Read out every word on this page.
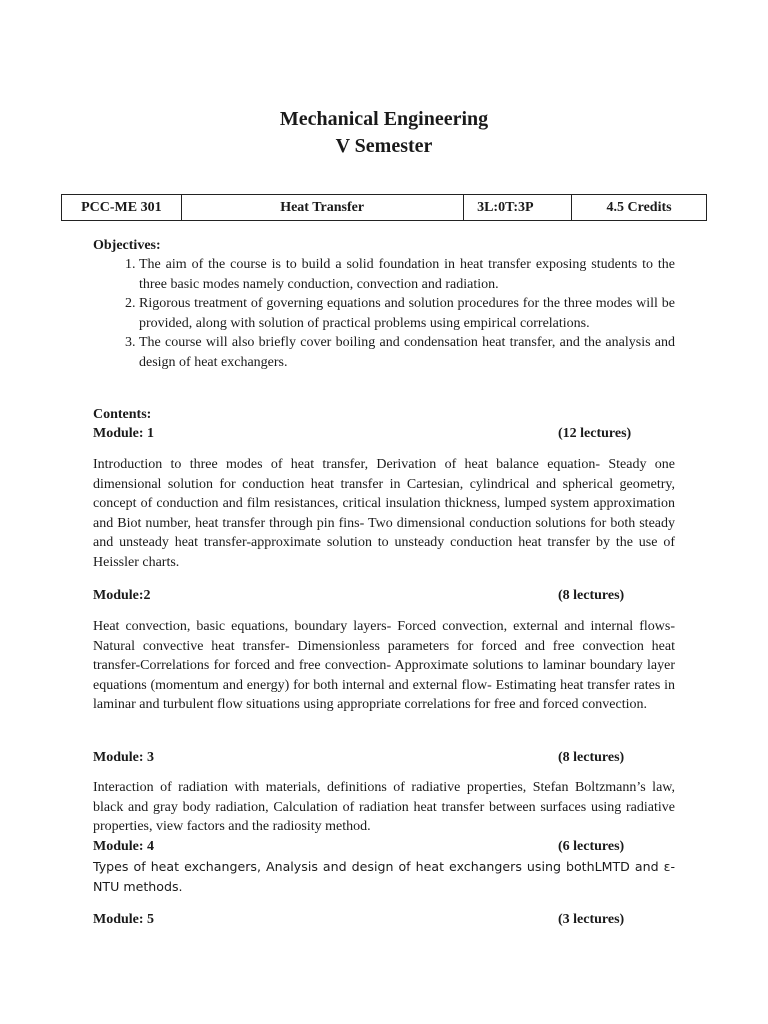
Mechanical Engineering
V Semester
PCC-ME 301	Heat Transfer	3L:0T:3P	4.5 Credits
Objectives:
1. The aim of the course is to build a solid foundation in heat transfer exposing students to the three basic modes namely conduction, convection and radiation.
2. Rigorous treatment of governing equations and solution procedures for the three modes will be provided, along with solution of practical problems using empirical correlations.
3. The course will also briefly cover boiling and condensation heat transfer, and the analysis and design of heat exchangers.
Contents:
Module: 1	(12 lectures)
Introduction to three modes of heat transfer, Derivation of heat balance equation- Steady one dimensional solution for conduction heat transfer in Cartesian, cylindrical and spherical geometry, concept of conduction and film resistances, critical insulation thickness, lumped system approximation and Biot number, heat transfer through pin fins- Two dimensional conduction solutions for both steady and unsteady heat transfer-approximate solution to unsteady conduction heat transfer by the use of Heissler charts.
Module:2	(8 lectures)
Heat convection, basic equations, boundary layers- Forced convection, external and internal flows- Natural convective heat transfer- Dimensionless parameters for forced and free convection heat transfer-Correlations for forced and free convection- Approximate solutions to laminar boundary layer equations (momentum and energy) for both internal and external flow- Estimating heat transfer rates in laminar and turbulent flow situations using appropriate correlations for free and forced convection.
Module: 3	(8 lectures)
Interaction of radiation with materials, definitions of radiative properties, Stefan Boltzmann’s law, black and gray body radiation, Calculation of radiation heat transfer between surfaces using radiative properties, view factors and the radiosity method.
Module: 4	(6 lectures)
Types of heat exchangers, Analysis and design of heat exchangers using bothLMTD and ε-NTU methods.
Module: 5	(3 lectures)
